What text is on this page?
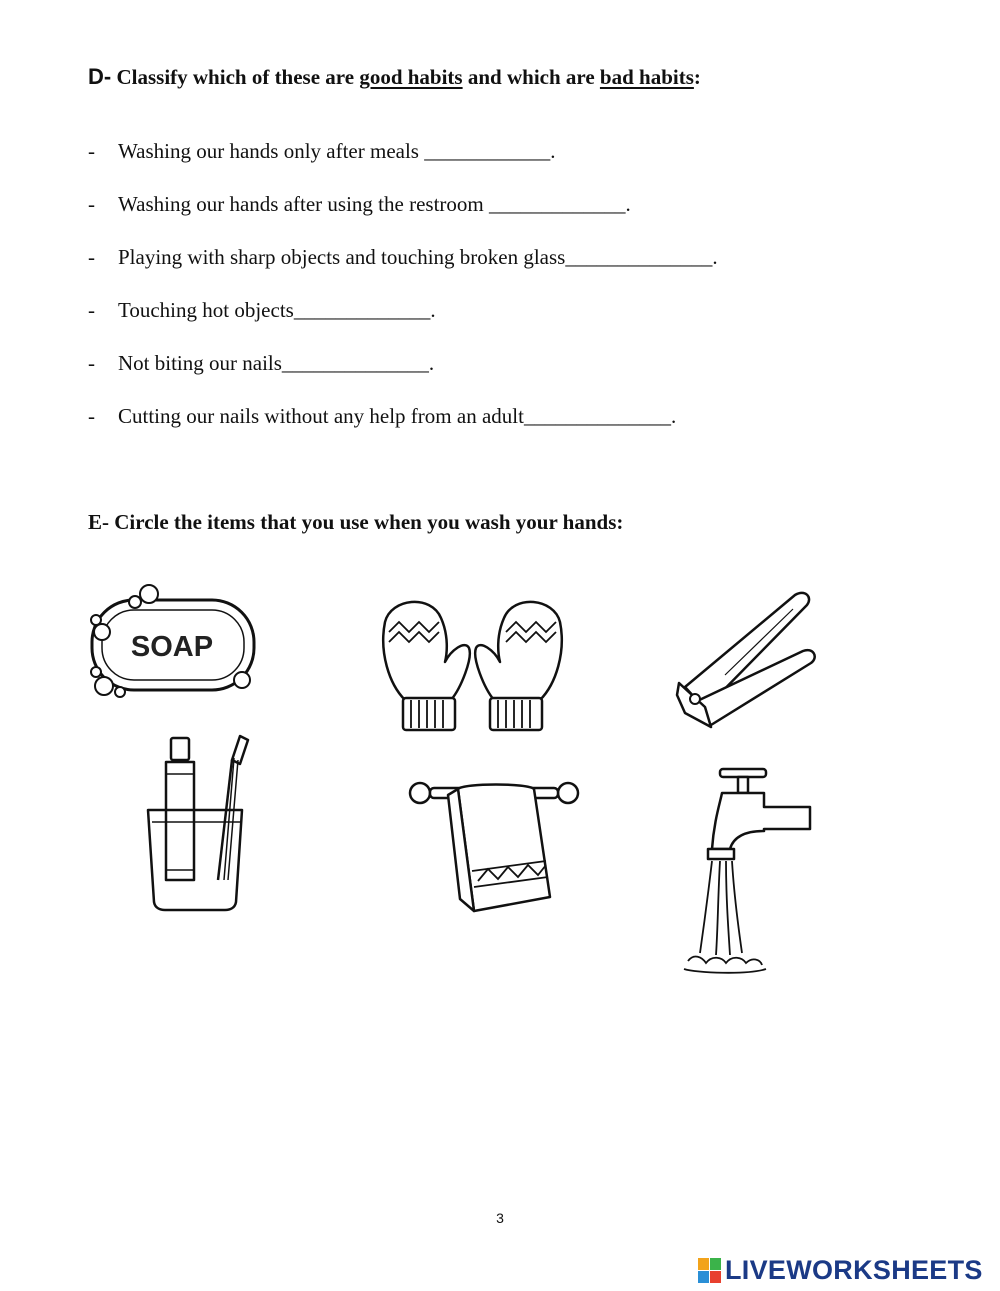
D- Classify which of these are good habits and which are bad habits:
- Washing our hands only after meals ____________.
- Washing our hands after using the restroom _____________.
- Playing with sharp objects and touching broken glass______________.
- Touching hot objects_____________.
- Not biting our nails______________.
- Cutting our nails without any help from an adult______________.
E- Circle the items that you use when you wash your hands:
SOAP
3
LIVEWORKSHEETS
